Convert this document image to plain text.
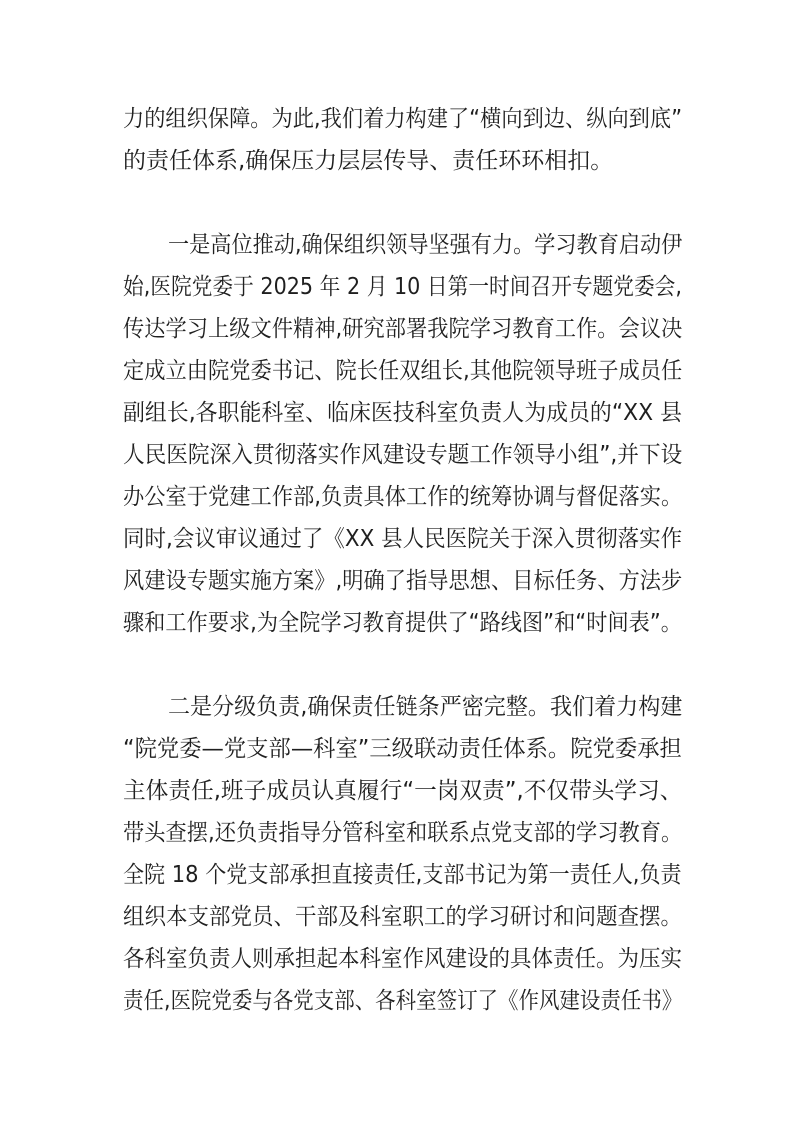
力的组织保障。为此,我们着力构建了“横向到边、纵向到底”
的责任体系,确保压力层层传导、责任环环相扣。
一是高位推动,确保组织领导坚强有力。学习教育启动伊
始,医院党委于 2025 年 2 月 10 日第一时间召开专题党委会,
传达学习上级文件精神,研究部署我院学习教育工作。会议决
定成立由院党委书记、院长任双组长,其他院领导班子成员任
副组长,各职能科室、临床医技科室负责人为成员的“XX 县
人民医院深入贯彻落实作风建设专题工作领导小组”,并下设
办公室于党建工作部,负责具体工作的统筹协调与督促落实。
同时,会议审议通过了《XX 县人民医院关于深入贯彻落实作
风建设专题实施方案》,明确了指导思想、目标任务、方法步
骤和工作要求,为全院学习教育提供了“路线图”和“时间表”。
二是分级负责,确保责任链条严密完整。我们着力构建
“院党委—党支部—科室”三级联动责任体系。院党委承担
主体责任,班子成员认真履行“一岗双责”,不仅带头学习、
带头查摆,还负责指导分管科室和联系点党支部的学习教育。
全院 18 个党支部承担直接责任,支部书记为第一责任人,负责
组织本支部党员、干部及科室职工的学习研讨和问题查摆。
各科室负责人则承担起本科室作风建设的具体责任。为压实
责任,医院党委与各党支部、各科室签订了《作风建设责任书》
